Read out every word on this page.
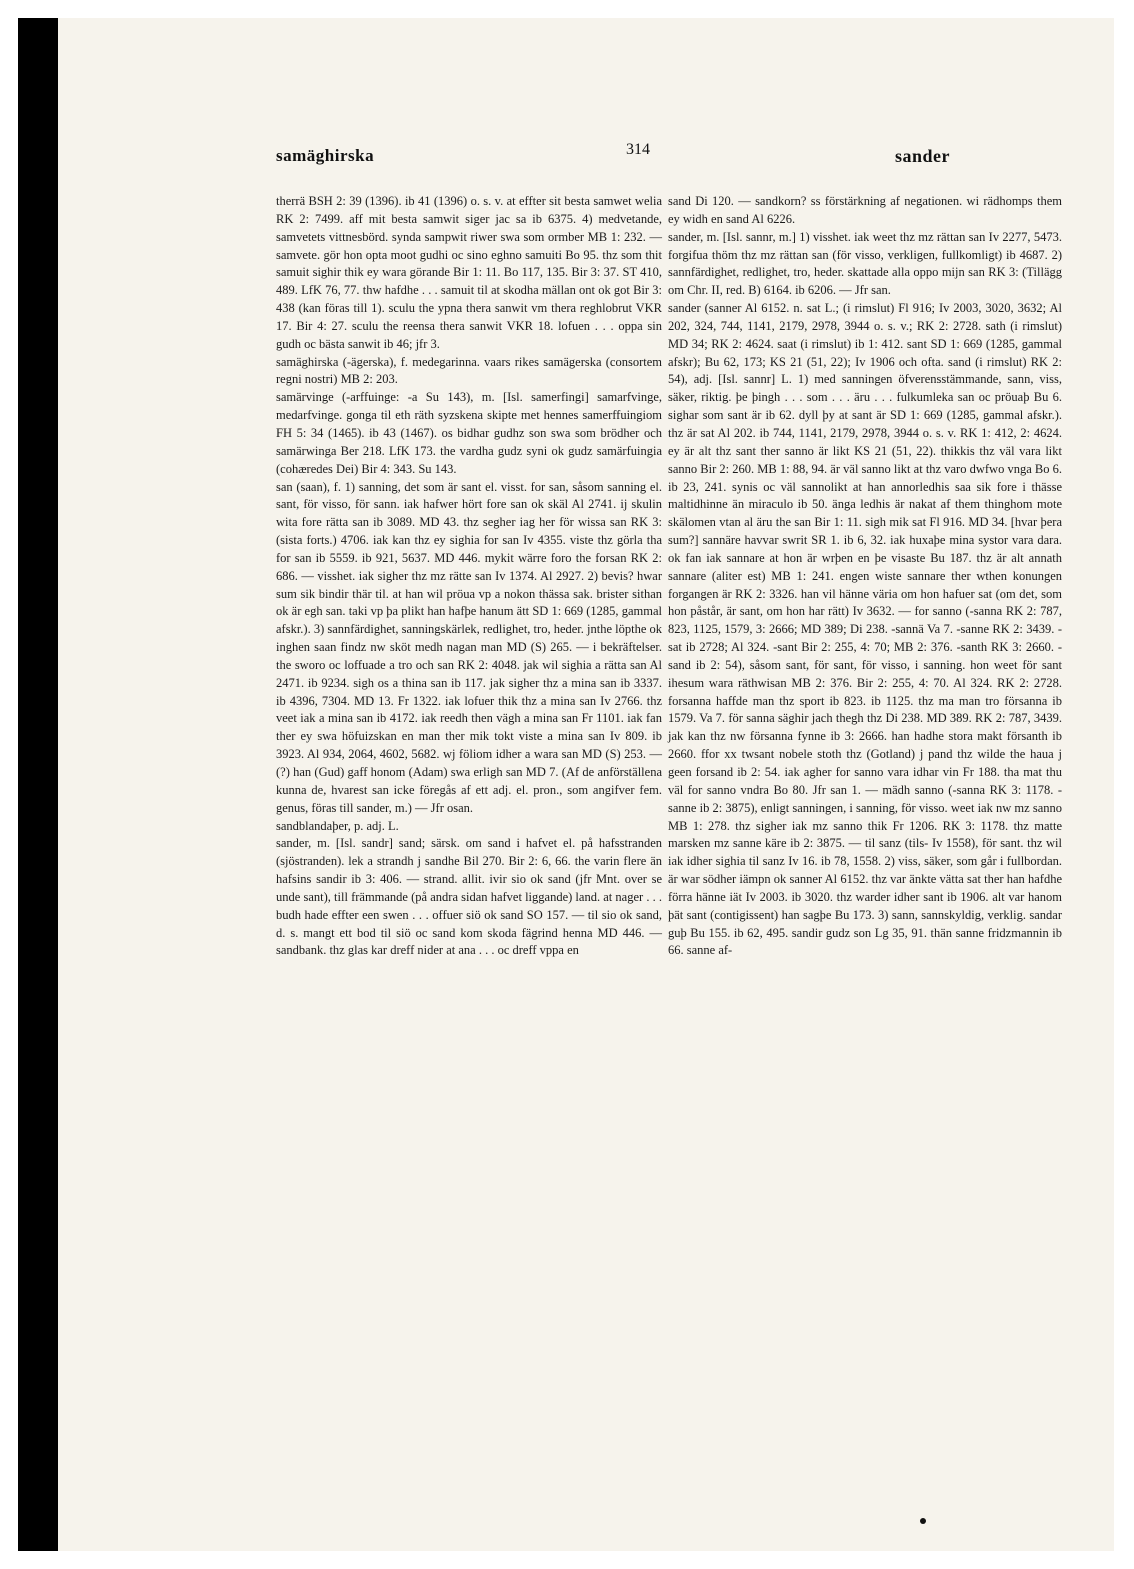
samäghirska	314	sander

therrä BSH 2: 39 (1396). ib 41 (1396) o. s. v. at effter sit besta samwet welia RK 2: 7499. aff mit besta samwit siger jac sa ib 6375. 4) medvetande, samvetets vittnesbörd. synda sampwit riwer swa som ormber MB 1: 232. — samvete. gör hon opta moot gudhi oc sino eghno samuiti Bo 95. thz som thit samuit sighir thik ey wara görande Bir 1: 11. Bo 117, 135. Bir 3: 37. ST 410, 489. LfK 76, 77. thw hafdhe . . . samuit til at skodha mällan ont ok got Bir 3: 438 (kan föras till 1). sculu the ypna thera sanwit vm thera reghlobrut VKR 17. Bir 4: 27. sculu the reensa thera sanwit VKR 18. lofuen . . . oppa sin gudh oc bästa sanwit ib 46; jfr 3.

samäghirska (-ägerska), f. medegarinna. vaars rikes samägerska (consortem regni nostri) MB 2: 203.

samärvinge (-arffuinge: -a Su 143), m. [Isl. samerfingi] samarfvinge, medarfvinge. gonga til eth räth syzskena skipte met hennes samerffuingiom FH 5: 34 (1465). ib 43 (1467). os bidhar gudhz son swa som brödher och samärwinga Ber 218. LfK 173. the vardha gudz syni ok gudz samärfuingia (cohæredes Dei) Bir 4: 343. Su 143.

san (saan), f. 1) sanning, det som är sant el. visst. for san, såsom sanning el. sant, för visso, för sann. iak hafwer hört fore san ok skäl Al 2741. ij skulin wita fore rätta san ib 3089. MD 43. thz segher iag her för wissa san RK 3: (sista forts.) 4706. iak kan thz ey sighia for san Iv 4355. viste thz görla tha for san ib 5559. ib 921, 5637. MD 446. mykit wärre foro the forsan RK 2: 686. — visshet. iak sigher thz mz rätte san Iv 1374. Al 2927. 2) bevis? hwar sum sik bindir thär til. at han wil pröua vp a nokon thässa sak. brister sithan ok är egh san. taki vp þa plikt han hafþe hanum ätt SD 1: 669 (1285, gammal afskr.). 3) sannfärdighet, sanningskärlek, redlighet, tro, heder. jnthe löpthe ok inghen saan findz nw sköt medh nagan man MD (S) 265. — i bekräftelser. the sworo oc loffuade a tro och san RK 2: 4048. jak wil sighia a rätta san Al 2471. ib 9234. sigh os a thina san ib 117. jak sigher thz a mina san ib 3337. ib 4396, 7304. MD 13. Fr 1322. iak lofuer thik thz a mina san Iv 2766. thz veet iak a mina san ib 4172. iak reedh then vägh a mina san Fr 1101. iak fan ther ey swa höfuizskan en man ther mik tokt viste a mina san Iv 809. ib 3923. Al 934, 2064, 4602, 5682. wj föliom idher a wara san MD (S) 253. — (?) han (Gud) gaff honom (Adam) swa erligh san MD 7. (Af de anförställena kunna de, hvarest san icke föregås af ett adj. el. pron., som angifver fem. genus, föras till sander, m.) — Jfr osan.

sandblandaþer, p. adj. L.

sander, m. [Isl. sandr] sand; särsk. om sand i hafvet el. på hafsstranden (sjöstranden). lek a strandh j sandhe Bil 270. Bir 2: 6, 66. the varin flere än hafsins sandir ib 3: 406. — strand. allit. ivir sio ok sand (jfr Mnt. over se unde sant), till främmande (på andra sidan hafvet liggande) land. at nager . . . budh hade effter een swen . . . offuer siö ok sand SO 157. — til sio ok sand, d. s. mangt ett bod til siö oc sand kom skoda fägrind henna MD 446. — sandbank. thz glas kar dreff nider at ana . . . oc dreff vppa en

sand Di 120. — sandkorn? ss förstärkning af negationen. wi rädhomps them ey widh en sand Al 6226.

sander, m. [Isl. sannr, m.] 1) visshet. iak weet thz mz rättan san Iv 2277, 5473. forgifua thöm thz mz rättan san (för visso, verkligen, fullkomligt) ib 4687. 2) sannfärdighet, redlighet, tro, heder. skattade alla oppo mijn san RK 3: (Tillägg om Chr. II, red. B) 6164. ib 6206. — Jfr san.

sander (sanner Al 6152. n. sat L.; (i rimslut) Fl 916; Iv 2003, 3020, 3632; Al 202, 324, 744, 1141, 2179, 2978, 3944 o. s. v.; RK 2: 2728. sath (i rimslut) MD 34; RK 2: 4624. saat (i rimslut) ib 1: 412. sant SD 1: 669 (1285, gammal afskr); Bu 62, 173; KS 21 (51, 22); Iv 1906 och ofta. sand (i rimslut) RK 2: 54), adj. [Isl. sannr] L. 1) med sanningen öfverensstämmande, sann, viss, säker, riktig. þe þingh . . . som . . . äru . . . fulkumleka san oc pröuaþ Bu 6. sighar som sant är ib 62. dyll þy at sant är SD 1: 669 (1285, gammal afskr.). thz är sat Al 202. ib 744, 1141, 2179, 2978, 3944 o. s. v. RK 1: 412, 2: 4624. ey är alt thz sant ther sanno är likt KS 21 (51, 22). thikkis thz väl vara likt sanno Bir 2: 260. MB 1: 88, 94. är väl sanno likt at thz varo dwfwo vnga Bo 6. ib 23, 241. synis oc väl sannolikt at han annorledhis saa sik fore i thässe maltidhinne än miraculo ib 50. änga ledhis är nakat af them thinghom mote skälomen vtan al äru the san Bir 1: 11. sigh mik sat Fl 916. MD 34. [hvar þera sum?] sannäre havvar swrit SR 1. ib 6, 32. iak huxaþe mina systor vara dara. ok fan iak sannare at hon är wrþen en þe visaste Bu 187. thz är alt annath sannare (aliter est) MB 1: 241. engen wiste sannare ther wthen konungen forgangen är RK 2: 3326. han vil hänne väria om hon hafuer sat (om det, som hon påstår, är sant, om hon har rätt) Iv 3632. — for sanno (-sanna RK 2: 787, 823, 1125, 1579, 3: 2666; MD 389; Di 238. -sannä Va 7. -sanne RK 2: 3439. -sat ib 2728; Al 324. -sant Bir 2: 255, 4: 70; MB 2: 376. -santh RK 3: 2660. -sand ib 2: 54), såsom sant, för sant, för visso, i sanning. hon weet för sant ihesum wara räthwisan MB 2: 376. Bir 2: 255, 4: 70. Al 324. RK 2: 2728. forsanna haffde man thz sport ib 823. ib 1125. thz ma man tro försanna ib 1579. Va 7. för sanna säghir jach thegh thz Di 238. MD 389. RK 2: 787, 3439. jak kan thz nw försanna fynne ib 3: 2666. han hadhe stora makt försanth ib 2660. ffor xx twsant nobele stoth thz (Gotland) j pand thz wilde the haua j geen forsand ib 2: 54. iak agher for sanno vara idhar vin Fr 188. tha mat thu väl for sanno vndra Bo 80. Jfr san 1. — mädh sanno (-sanna RK 3: 1178. -sanne ib 2: 3875), enligt sanningen, i sanning, för visso. weet iak nw mz sanno MB 1: 278. thz sigher iak mz sanno thik Fr 1206. RK 3: 1178. thz matte marsken mz sanne käre ib 2: 3875. — til sanz (tils- Iv 1558), för sant. thz wil iak idher sighia til sanz Iv 16. ib 78, 1558. 2) viss, säker, som går i fullbordan. är war södher iämpn ok sanner Al 6152. thz var änkte vätta sat ther han hafdhe förra hänne iät Iv 2003. ib 3020. thz warder idher sant ib 1906. alt var hanom þät sant (contigissent) han sagþe Bu 173. 3) sann, sannskyldig, verklig. sandar guþ Bu 155. ib 62, 495. sandir gudz son Lg 35, 91. thän sanne fridzmannin ib 66. sanne af-
